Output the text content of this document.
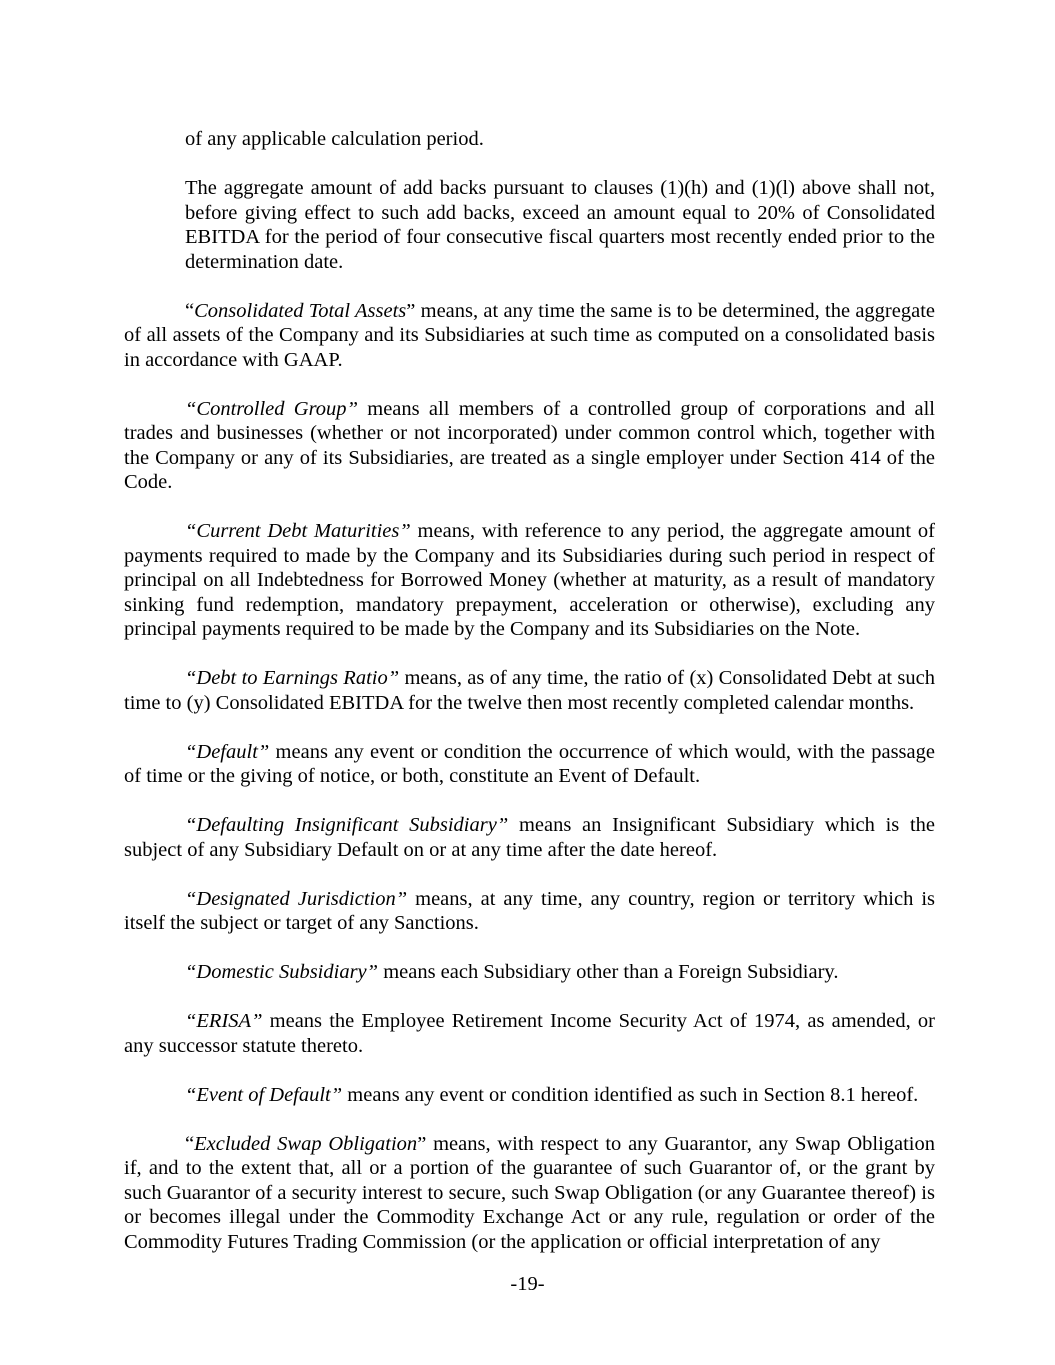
of any applicable calculation period.

The aggregate amount of add backs pursuant to clauses (1)(h) and (1)(l) above shall not, before giving effect to such add backs, exceed an amount equal to 20% of Consolidated EBITDA for the period of four consecutive fiscal quarters most recently ended prior to the determination date.

“Consolidated Total Assets” means, at any time the same is to be determined, the aggregate of all assets of the Company and its Subsidiaries at such time as computed on a consolidated basis in accordance with GAAP.

“Controlled Group” means all members of a controlled group of corporations and all trades and businesses (whether or not incorporated) under common control which, together with the Company or any of its Subsidiaries, are treated as a single employer under Section 414 of the Code.

“Current Debt Maturities” means, with reference to any period, the aggregate amount of payments required to made by the Company and its Subsidiaries during such period in respect of principal on all Indebtedness for Borrowed Money (whether at maturity, as a result of mandatory sinking fund redemption, mandatory prepayment, acceleration or otherwise), excluding any principal payments required to be made by the Company and its Subsidiaries on the Note.

“Debt to Earnings Ratio” means, as of any time, the ratio of (x) Consolidated Debt at such time to (y) Consolidated EBITDA for the twelve then most recently completed calendar months.

“Default” means any event or condition the occurrence of which would, with the passage of time or the giving of notice, or both, constitute an Event of Default.

“Defaulting Insignificant Subsidiary” means an Insignificant Subsidiary which is the subject of any Subsidiary Default on or at any time after the date hereof.

“Designated Jurisdiction” means, at any time, any country, region or territory which is itself the subject or target of any Sanctions.

“Domestic Subsidiary” means each Subsidiary other than a Foreign Subsidiary.

“ERISA” means the Employee Retirement Income Security Act of 1974, as amended, or any successor statute thereto.

“Event of Default” means any event or condition identified as such in Section 8.1 hereof.

“Excluded Swap Obligation” means, with respect to any Guarantor, any Swap Obligation if, and to the extent that, all or a portion of the guarantee of such Guarantor of, or the grant by such Guarantor of a security interest to secure, such Swap Obligation (or any Guarantee thereof) is or becomes illegal under the Commodity Exchange Act or any rule, regulation or order of the Commodity Futures Trading Commission (or the application or official interpretation of any

-19-
